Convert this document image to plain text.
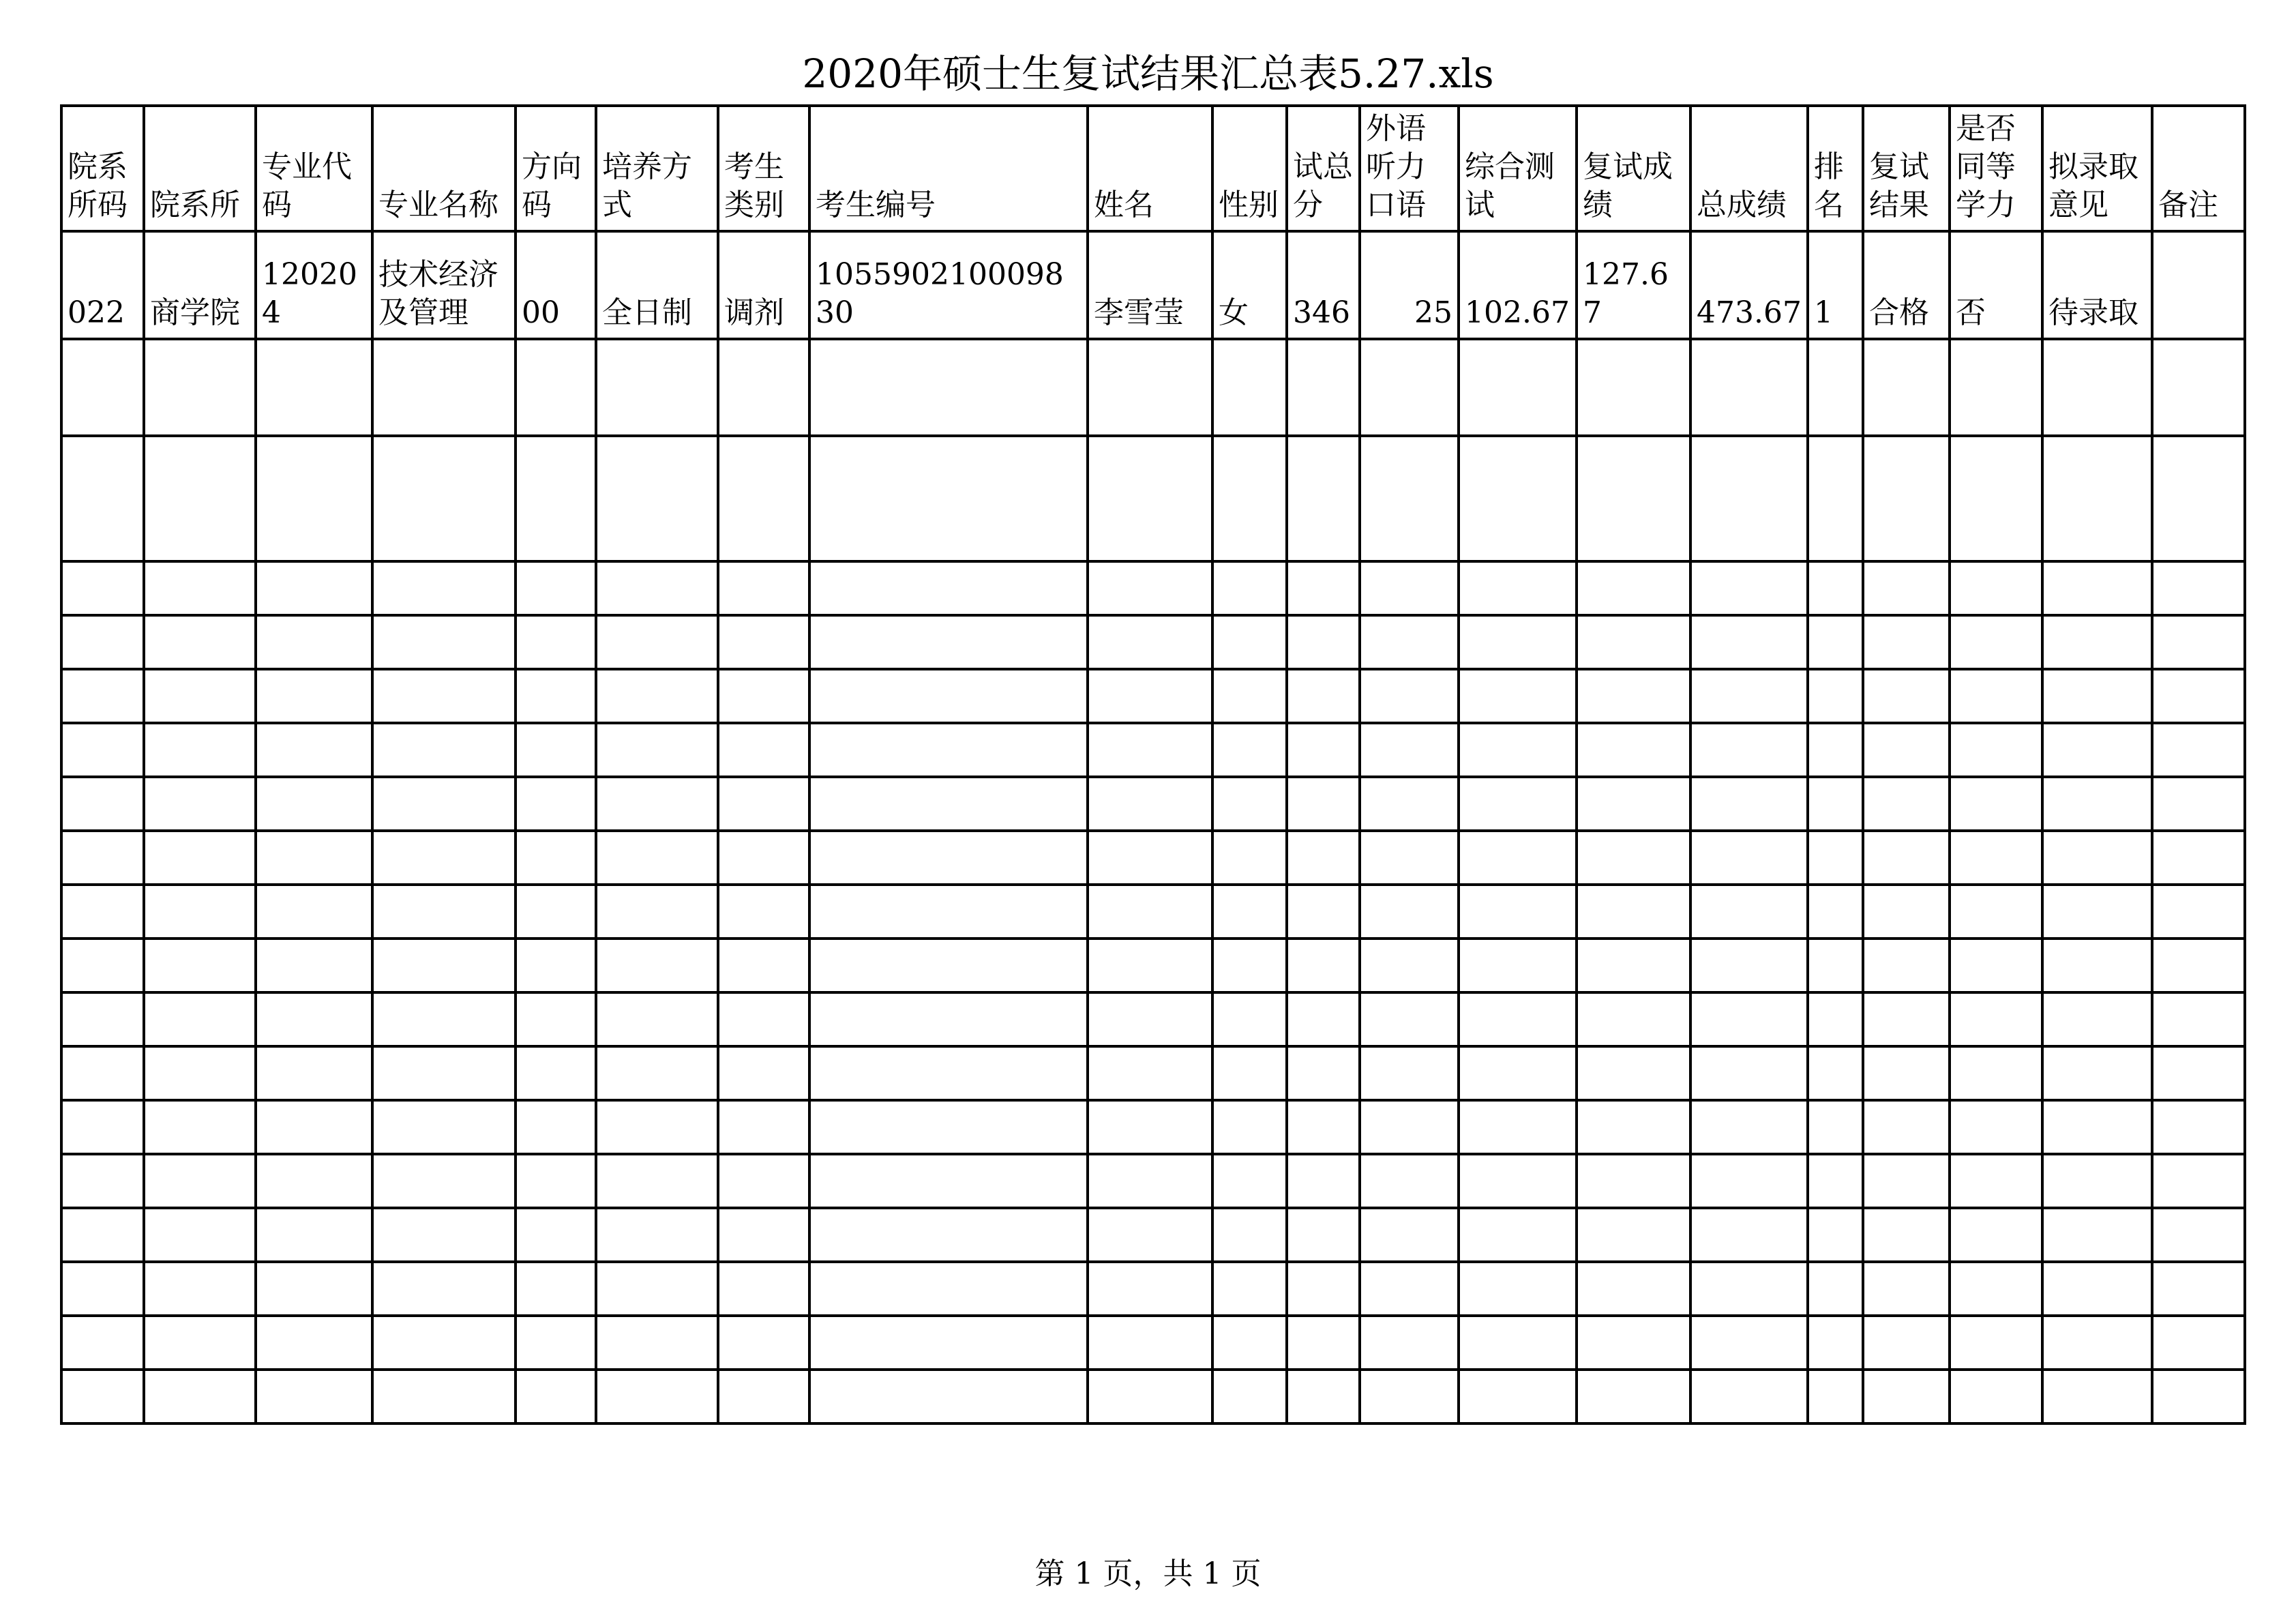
2020年硕士生复试结果汇总表5.27.xls
院系所码	院系所	专业代码	专业名称	方向码	培养方式	考生类别	考生编号	姓名	性别	试总分	外语听力口语	综合测试	复试成绩	总成绩	排名	复试结果	是否同等学力	拟录取意见	备注
022	商学院	120204	技术经济及管理	00	全日制	调剂	105590210009830	李雪莹	女	346	25	102.67	127.67	473.67	1	合格	否	待录取	

第 1 页，共 1 页
